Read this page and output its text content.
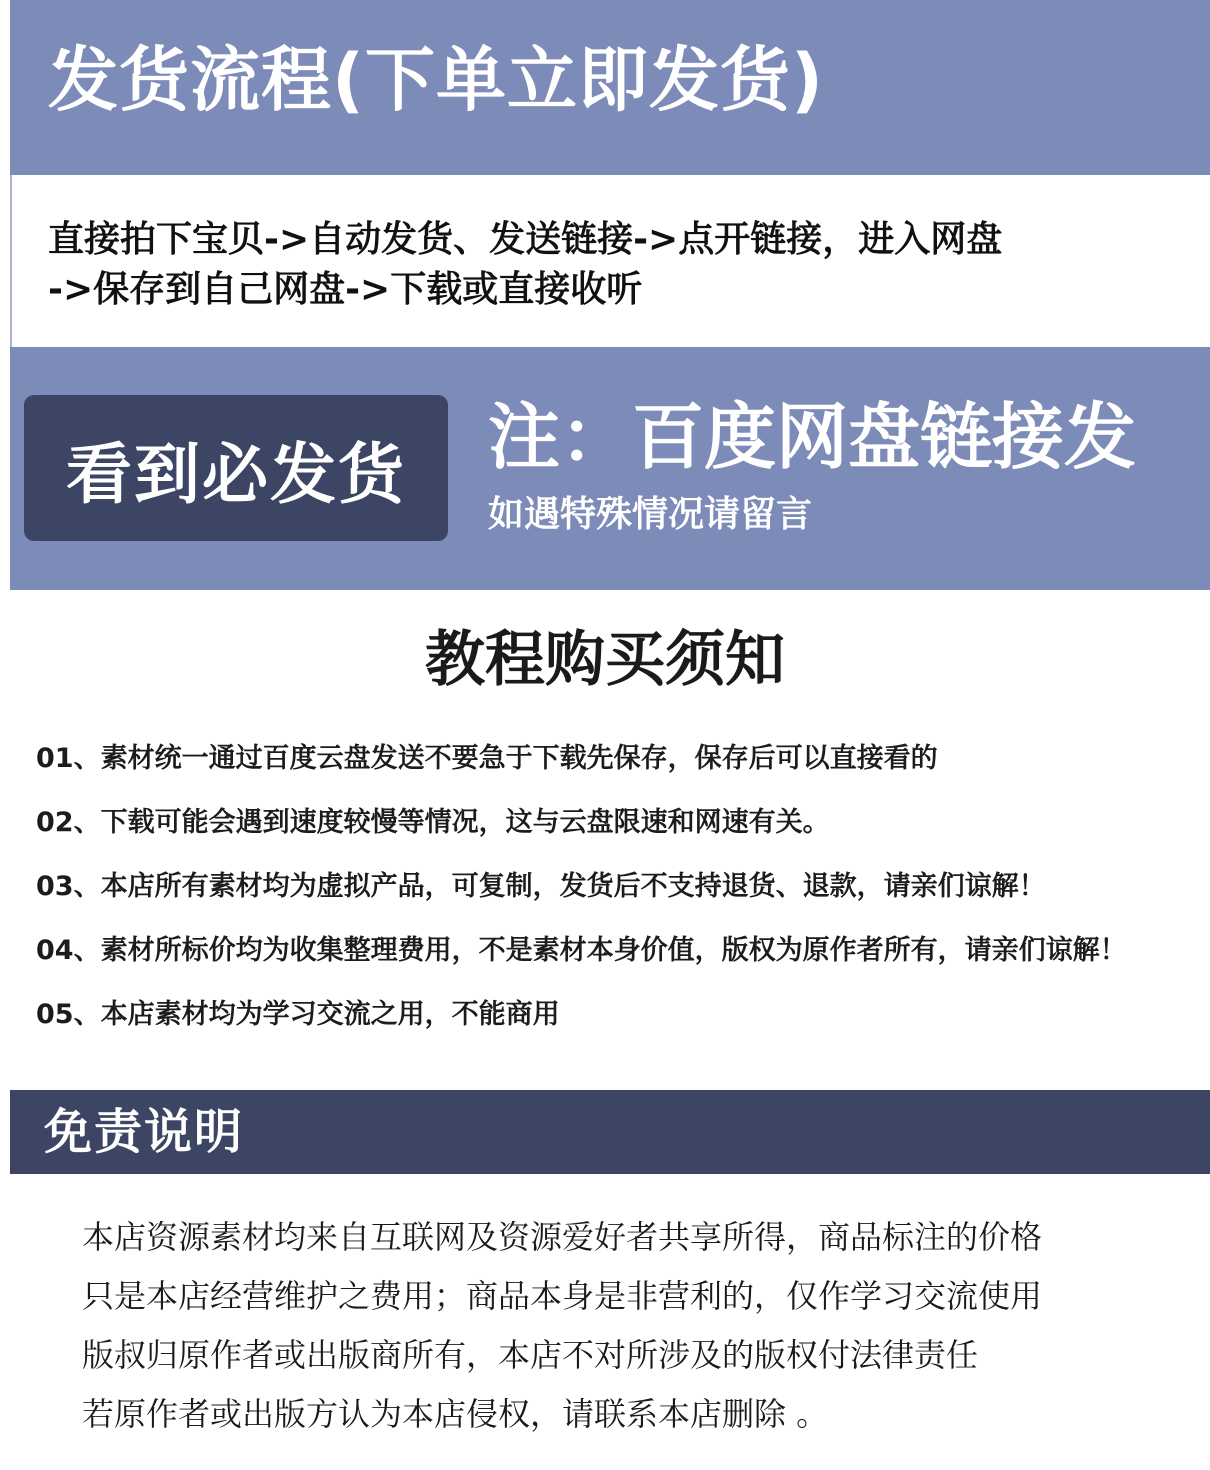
发货流程(下单立即发货)

直接拍下宝贝->自动发货、发送链接->点开链接，进入网盘
->保存到自己网盘->下载或直接收听

看到必发货 注：百度网盘链接发

如遇特殊情况请留言

教程购买须知
01、素材统一通过百度云盘发送不要急于下载先保存，保存后可以直接看的
02、下载可能会遇到速度较慢等情况，这与云盘限速和网速有关。
03、本店所有素材均为虚拟产品，可复制，发货后不支持退货、退款，请亲们谅解！
04、素材所标价均为收集整理费用，不是素材本身价值，版权为原作者所有，请亲们谅解！
05、本店素材均为学习交流之用，不能商用
免责说明

本店资源素材均来自互联网及资源爱好者共享所得，商品标注的价格

只是本店经营维护之费用；商品本身是非营利的，仅作学习交流使用

版叔归原作者或出版商所有，本店不对所涉及的版权付法律责任

若原作者或出版方认为本店侵权，请联系本店删除 。
